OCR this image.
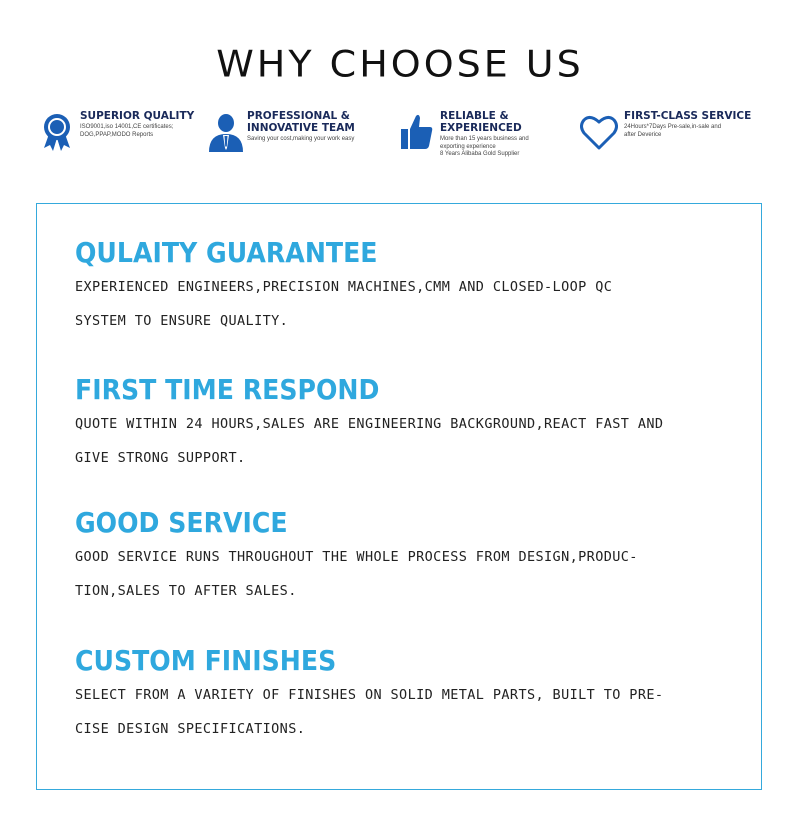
WHY CHOOSE US
SUPERIOR QUALITY
ISO9001,iso 14001,CE certificates;
DOG,PPAP,MODO Reports
PROFESSIONAL &
INNOVATIVE TEAM
Saving your cost,making your work easy
RELIABLE &
EXPERIENCED
More than 15 years business and
exporting experience
8 Years Alibaba Gold Supplier
FIRST-CLASS SERVICE
24Hours*7Days Pre-sale,in-sale and
after Deverice
QULAITY GUARANTEE
EXPERIENCED ENGINEERS,PRECISION MACHINES,CMM AND CLOSED-LOOP QC
SYSTEM TO ENSURE QUALITY.
FIRST TIME RESPOND
QUOTE WITHIN 24 HOURS,SALES ARE ENGINEERING BACKGROUND,REACT FAST AND
GIVE STRONG SUPPORT.
GOOD SERVICE
GOOD SERVICE RUNS THROUGHOUT THE WHOLE PROCESS FROM DESIGN,PRODUC-
TION,SALES TO AFTER SALES.
CUSTOM FINISHES
SELECT FROM A VARIETY OF FINISHES ON SOLID METAL PARTS, BUILT TO PRE-
CISE DESIGN SPECIFICATIONS.
